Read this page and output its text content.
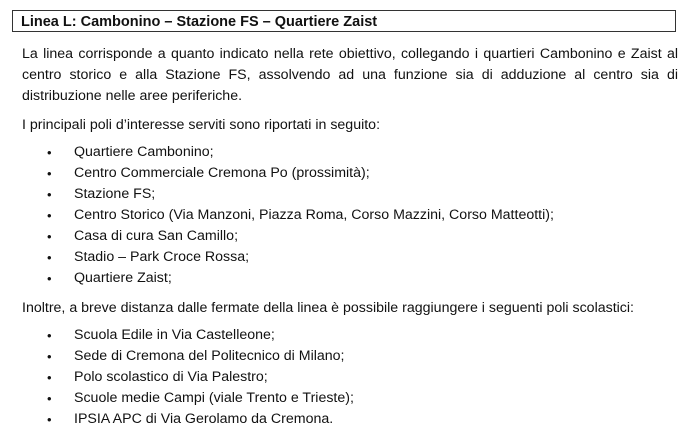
Linea L: Cambonino – Stazione FS – Quartiere Zaist

La linea corrisponde a quanto indicato nella rete obiettivo, collegando i quartieri Cambonino e Zaist al centro storico e alla Stazione FS, assolvendo ad una funzione sia di adduzione al centro sia di distribuzione nelle aree periferiche.

I principali poli d’interesse serviti sono riportati in seguito:

•	Quartiere Cambonino;
•	Centro Commerciale Cremona Po (prossimità);
•	Stazione FS;
•	Centro Storico (Via Manzoni, Piazza Roma, Corso Mazzini, Corso Matteotti);
•	Casa di cura San Camillo;
•	Stadio – Park Croce Rossa;
•	Quartiere Zaist;

Inoltre, a breve distanza dalle fermate della linea è possibile raggiungere i seguenti poli scolastici:

•	Scuola Edile in Via Castelleone;
•	Sede di Cremona del Politecnico di Milano;
•	Polo scolastico di Via Palestro;
•	Scuole medie Campi (viale Trento e Trieste);
•	IPSIA APC di Via Gerolamo da Cremona.
